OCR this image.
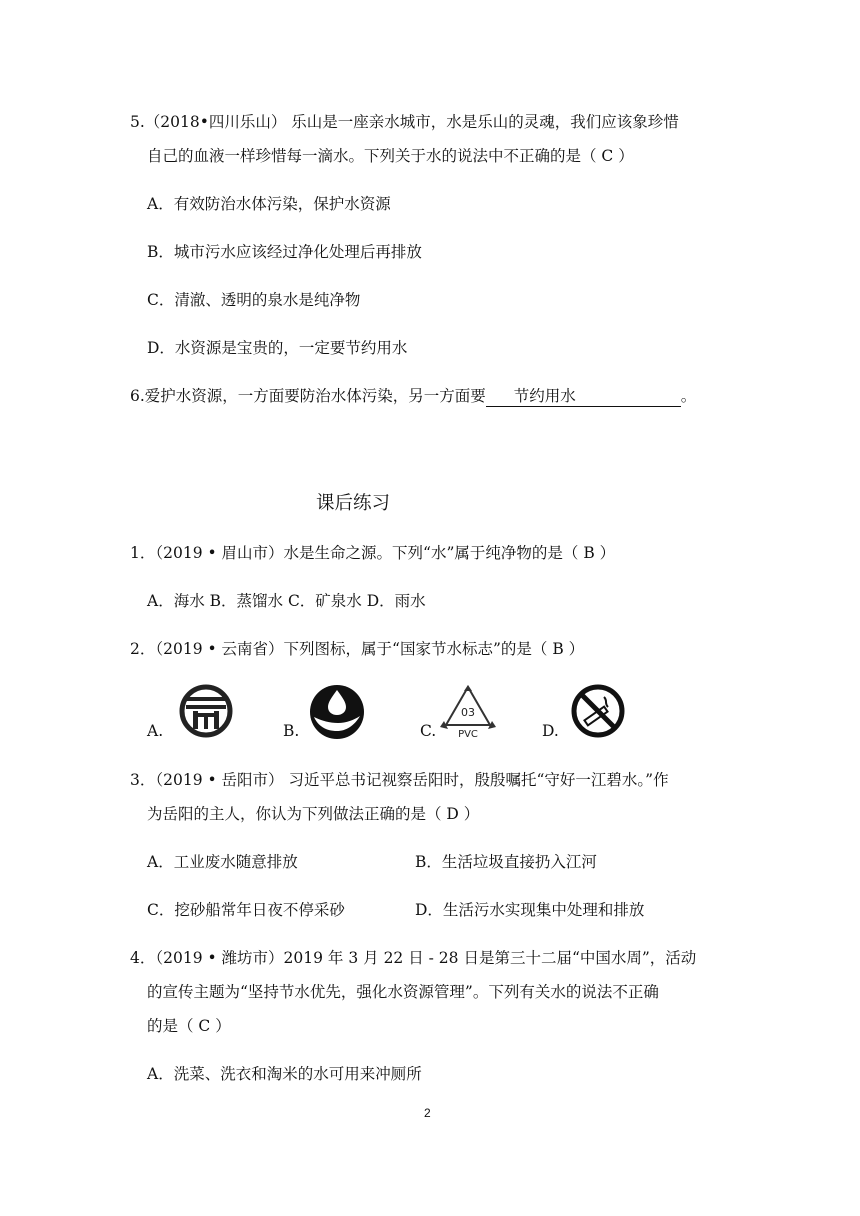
5.（2018•四川乐山） 乐山是一座亲水城市，水是乐山的灵魂，我们应该象珍惜
自己的血液一样珍惜每一滴水。下列关于水的说法中不正确的是（ C ）
A．有效防治水体污染，保护水资源
B．城市污水应该经过净化处理后再排放
C．清澈、透明的泉水是纯净物
D．水资源是宝贵的，一定要节约用水
6.爱护水资源，一方面要防治水体污染，另一方面要 节约用水	。
课后练习
1．（2019 • 眉山市）水是生命之源。下列“水”属于纯净物的是（ B ）
A．海水 B．蒸馏水 C．矿泉水 D．雨水
2．（2019 • 云南省）下列图标，属于“国家节水标志”的是（ B ）
A.	B.	C.	D.
03
PVC
3．（2019 • 岳阳市） 习近平总书记视察岳阳时，殷殷嘱托“守好一江碧水。”作
为岳阳的主人，你认为下列做法正确的是（ D ）
A．工业废水随意排放	B．生活垃圾直接扔入江河
C．挖砂船常年日夜不停采砂	D．生活污水实现集中处理和排放
4．（2019 • 潍坊市）2019 年 3 月 22 日 - 28 日是第三十二届“中国水周”，活动
的宣传主题为“坚持节水优先，强化水资源管理”。下列有关水的说法不正确
的是（ C ）
A．洗菜、洗衣和淘米的水可用来冲厕所
2
